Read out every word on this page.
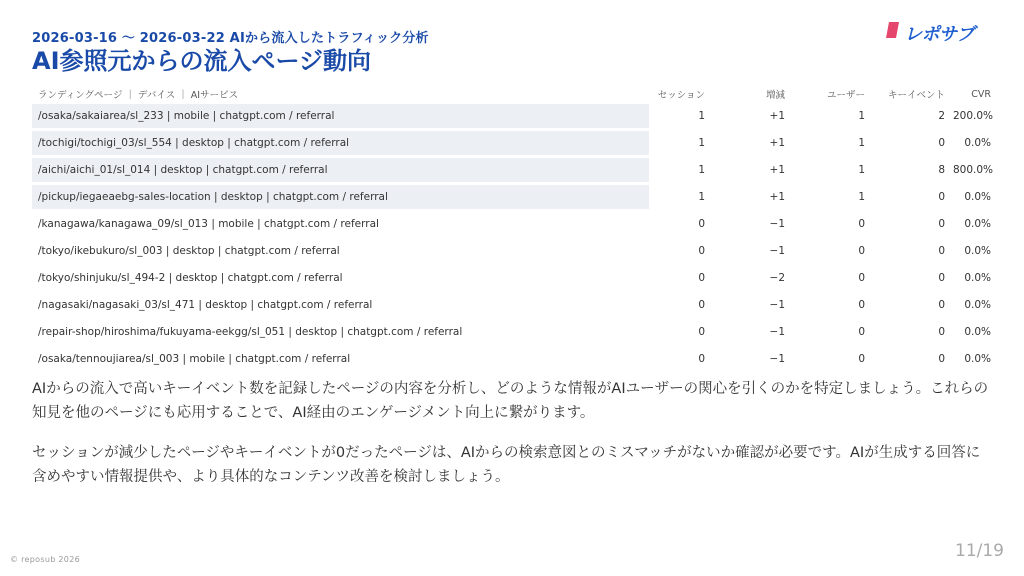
2026-03-16 〜 2026-03-22 AIから流入したトラフィック分析
AI参照元からの流入ページ動向
レポサブ
ランディングページ ｜ デバイス ｜ AIサービス	セッション	増減	ユーザー	キーイベント	CVR
/osaka/sakaiarea/sl_233 | mobile | chatgpt.com / referral	1	+1	1	2	200.0%
/tochigi/tochigi_03/sl_554 | desktop | chatgpt.com / referral	1	+1	1	0	0.0%
/aichi/aichi_01/sl_014 | desktop | chatgpt.com / referral	1	+1	1	8	800.0%
/pickup/iegaeaebg-sales-location | desktop | chatgpt.com / referral	1	+1	1	0	0.0%
/kanagawa/kanagawa_09/sl_013 | mobile | chatgpt.com / referral	0	−1	0	0	0.0%
/tokyo/ikebukuro/sl_003 | desktop | chatgpt.com / referral	0	−1	0	0	0.0%
/tokyo/shinjuku/sl_494-2 | desktop | chatgpt.com / referral	0	−2	0	0	0.0%
/nagasaki/nagasaki_03/sl_471 | desktop | chatgpt.com / referral	0	−1	0	0	0.0%
/repair-shop/hiroshima/fukuyama-eekgg/sl_051 | desktop | chatgpt.com / referral	0	−1	0	0	0.0%
/osaka/tennoujiarea/sl_003 | mobile | chatgpt.com / referral	0	−1	0	0	0.0%

AIからの流入で高いキーイベント数を記録したページの内容を分析し、どのような情報がAIユーザーの関心を引くのかを特定しましょう。これらの知見を他のページにも応用することで、AI経由のエンゲージメント向上に繋がります。

セッションが減少したページやキーイベントが0だったページは、AIからの検索意図とのミスマッチがないか確認が必要です。AIが生成する回答に含めやすい情報提供や、より具体的なコンテンツ改善を検討しましょう。

© reposub 2026	11/19
